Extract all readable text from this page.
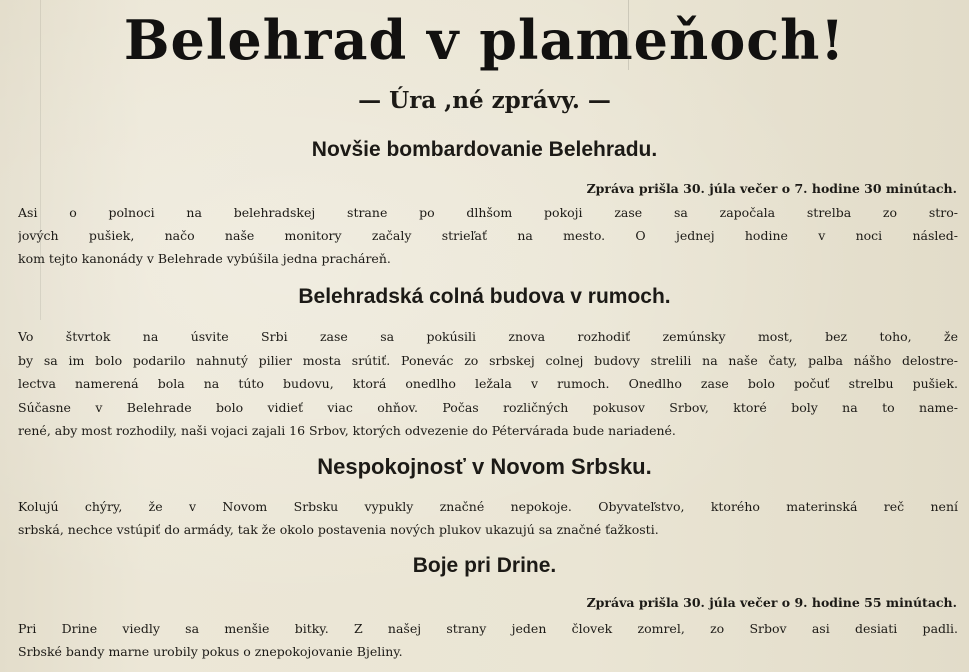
Belehrad v plameňoch!
— Úra ,né zprávy. —
Novšie bombardovanie Belehradu.
Zpráva prišla 30. júla večer o 7. hodine 30 minútach.
Asi o polnoci na belehradskej strane po dlhšom pokoji zase sa započala strelba zo stro-
jových pušiek, načo naše monitory začaly strieľať na mesto. O jednej hodine v noci násled-
kom tejto kanonády v Belehrade vybúšila jedna pracháreň.
Belehradská colná budova v rumoch.
Vo štvrtok na úsvite Srbi zase sa pokúsili znova rozhodiť zemúnsky most, bez toho, že
by sa im bolo podarilo nahnutý pilier mosta srútiť. Ponevác zo srbskej colnej budovy strelili na naše čaty, palba nášho delostre-
lectva namerená bola na túto budovu, ktorá onedlho ležala v rumoch. Onedlho zase bolo počuť strelbu pušiek.
Súčasne v Belehrade bolo vidieť viac ohňov. Počas rozličných pokusov Srbov, ktoré boly na to name-
rené, aby most rozhodily, naši vojaci zajali 16 Srbov, ktorých odvezenie do Pétervárada bude nariadené.
Nespokojnosť v Novom Srbsku.
Kolujú chýry, že v Novom Srbsku vypukly značné nepokoje. Obyvateľstvo, ktorého materinská reč není
srbská, nechce vstúpiť do armády, tak že okolo postavenia nových plukov ukazujú sa značné ťažkosti.
Boje pri Drine.
Zpráva prišla 30. júla večer o 9. hodine 55 minútach.
Pri Drine viedly sa menšie bitky. Z našej strany jeden človek zomrel, zo Srbov asi desiati padli.
Srbské bandy marne urobily pokus o znepokojovanie Bjeliny.
